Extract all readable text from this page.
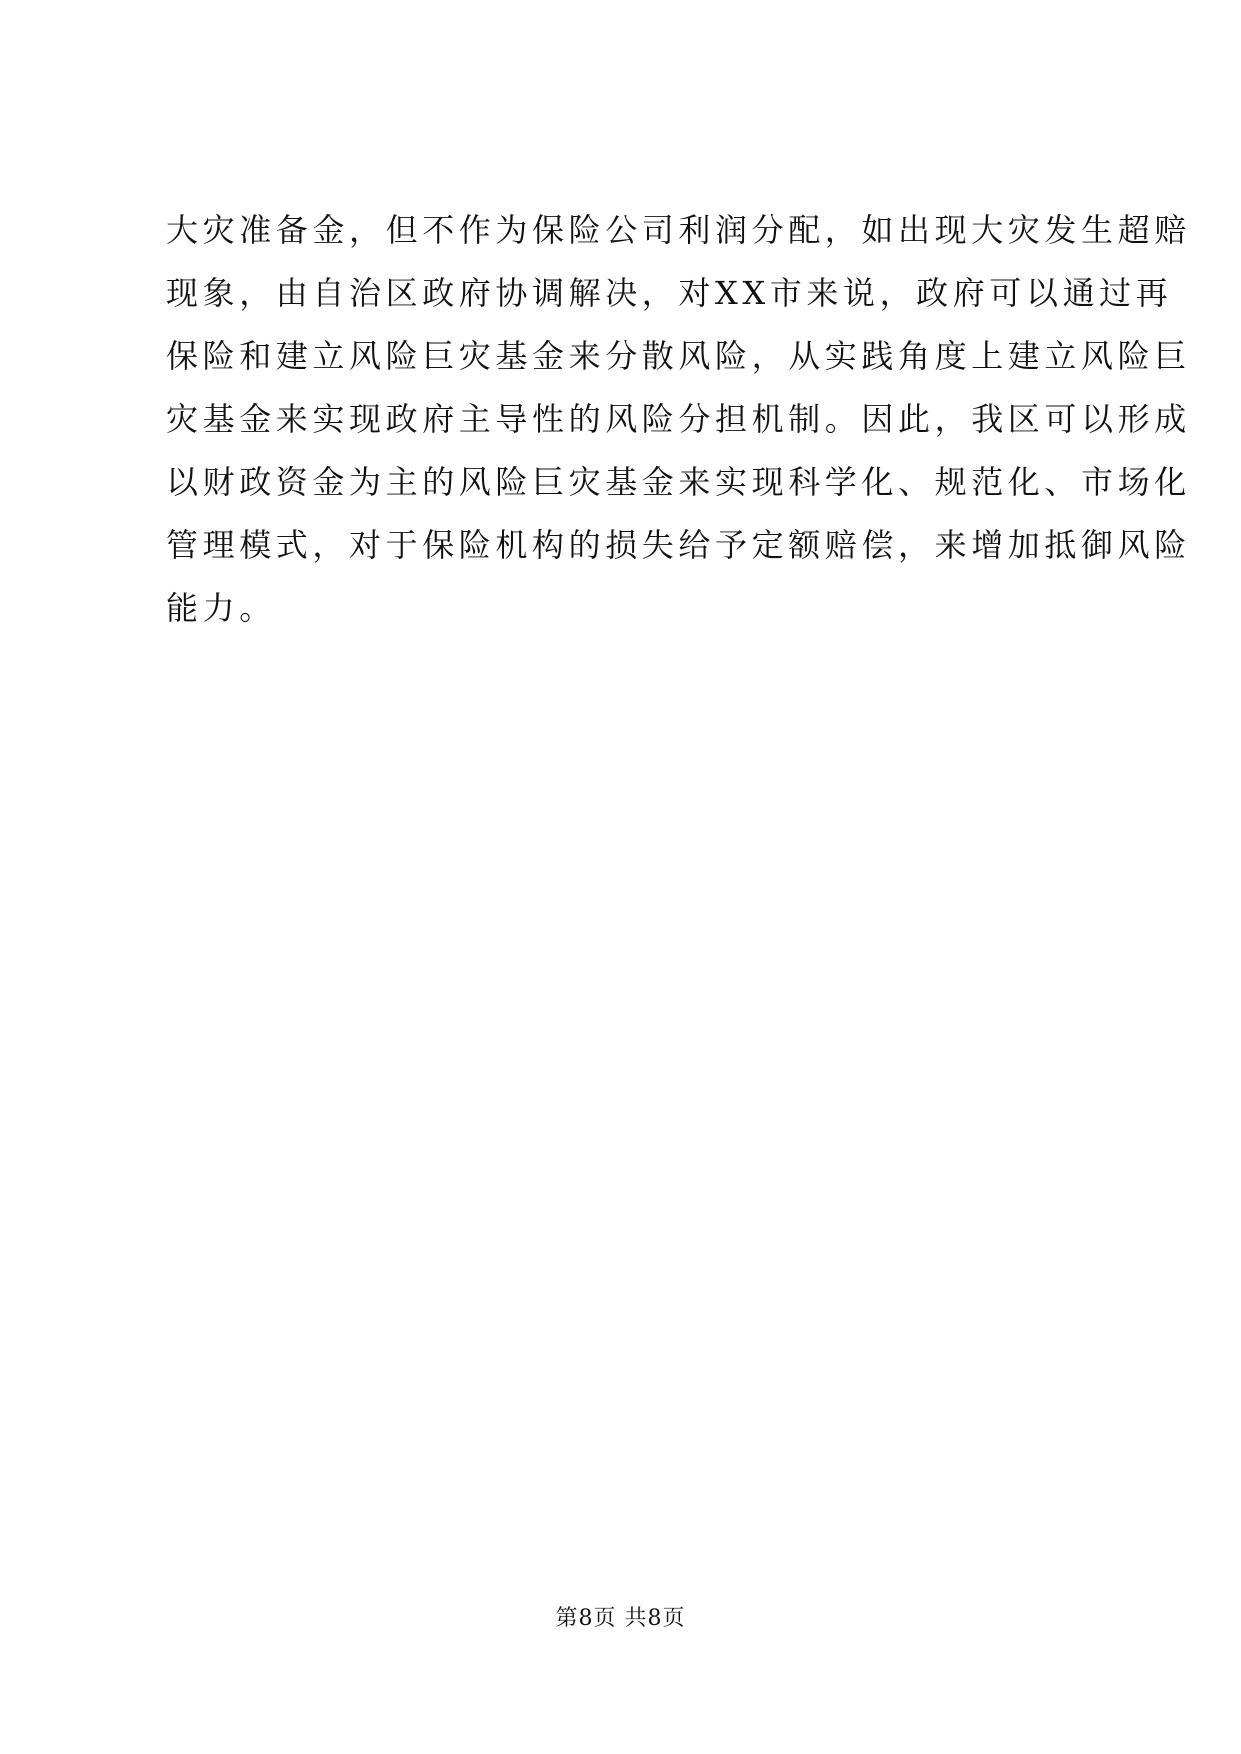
大灾准备金，但不作为保险公司利润分配，如出现大灾发生超赔
现象，由自治区政府协调解决，对XX市来说，政府可以通过再
保险和建立风险巨灾基金来分散风险，从实践角度上建立风险巨
灾基金来实现政府主导性的风险分担机制。因此，我区可以形成
以财政资金为主的风险巨灾基金来实现科学化、规范化、市场化
管理模式，对于保险机构的损失给予定额赔偿，来增加抵御风险
能力。
第8页 共8页
